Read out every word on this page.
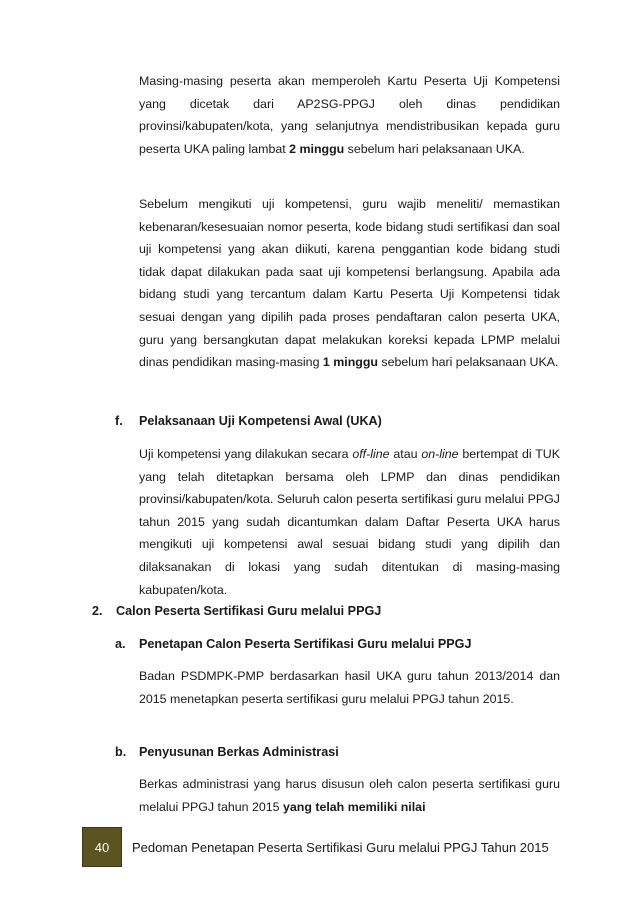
Masing-masing peserta akan memperoleh Kartu Peserta Uji Kompetensi yang dicetak dari AP2SG-PPGJ oleh dinas pendidikan provinsi/kabupaten/kota, yang selanjutnya mendistribusikan kepada guru peserta UKA paling lambat 2 minggu sebelum hari pelaksanaan UKA.

Sebelum mengikuti uji kompetensi, guru wajib meneliti/ memastikan kebenaran/kesesuaian nomor peserta, kode bidang studi sertifikasi dan soal uji kompetensi yang akan diikuti, karena penggantian kode bidang studi tidak dapat dilakukan pada saat uji kompetensi berlangsung. Apabila ada bidang studi yang tercantum dalam Kartu Peserta Uji Kompetensi tidak sesuai dengan yang dipilih pada proses pendaftaran calon peserta UKA, guru yang bersangkutan dapat melakukan koreksi kepada LPMP melalui dinas pendidikan masing-masing 1 minggu sebelum hari pelaksanaan UKA.

f. Pelaksanaan Uji Kompetensi Awal (UKA)

Uji kompetensi yang dilakukan secara off-line atau on-line bertempat di TUK yang telah ditetapkan bersama oleh LPMP dan dinas pendidikan provinsi/kabupaten/kota. Seluruh calon peserta sertifikasi guru melalui PPGJ tahun 2015 yang sudah dicantumkan dalam Daftar Peserta UKA harus mengikuti uji kompetensi awal sesuai bidang studi yang dipilih dan dilaksanakan di lokasi yang sudah ditentukan di masing-masing kabupaten/kota.

2. Calon Peserta Sertifikasi Guru melalui PPGJ
a. Penetapan Calon Peserta Sertifikasi Guru melalui PPGJ

Badan PSDMPK-PMP berdasarkan hasil UKA guru tahun 2013/2014 dan 2015 menetapkan peserta sertifikasi guru melalui PPGJ tahun 2015.

b. Penyusunan Berkas Administrasi

Berkas administrasi yang harus disusun oleh calon peserta sertifikasi guru melalui PPGJ tahun 2015 yang telah memiliki nilai

40 Pedoman Penetapan Peserta Sertifikasi Guru melalui PPGJ Tahun 2015
